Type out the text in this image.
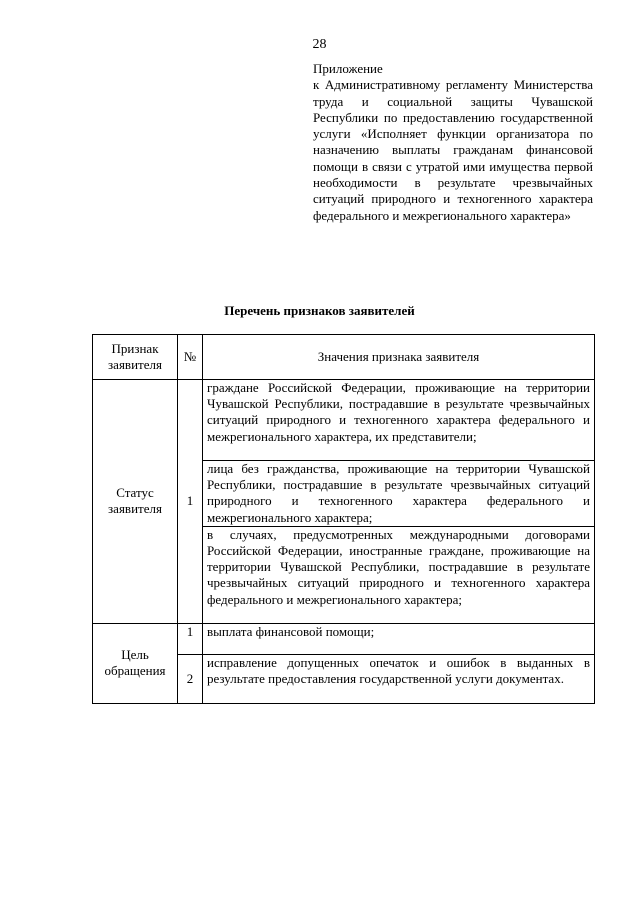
28
Приложение
к Административному регламенту Министерства труда и социальной защиты Чувашской Республики по предоставлению государственной услуги «Исполняет функции организатора по назначению выплаты гражданам финансовой помощи в связи с утратой ими имущества первой необходимости в результате чрезвычайных ситуаций природного и техногенного характера федерального и межрегионального характера»
Перечень признаков заявителей
Признак заявителя	№	Значения признака заявителя
Статус заявителя	1	граждане Российской Федерации, проживающие на территории Чувашской Республики, пострадавшие в результате чрезвычайных ситуаций природного и техногенного характера федерального и межрегионального характера, их представители;
		лица без гражданства, проживающие на территории Чувашской Республики, пострадавшие в результате чрезвычайных ситуаций природного и техногенного характера федерального и межрегионального характера;
		в случаях, предусмотренных международными договорами Российской Федерации, иностранные граждане, проживающие на территории Чувашской Республики, пострадавшие в результате чрезвычайных ситуаций природного и техногенного характера федерального и межрегионального характера;
Цель обращения	1	выплата финансовой помощи;
	2	исправление допущенных опечаток и ошибок в выданных в результате предоставления государственной услуги документах.
